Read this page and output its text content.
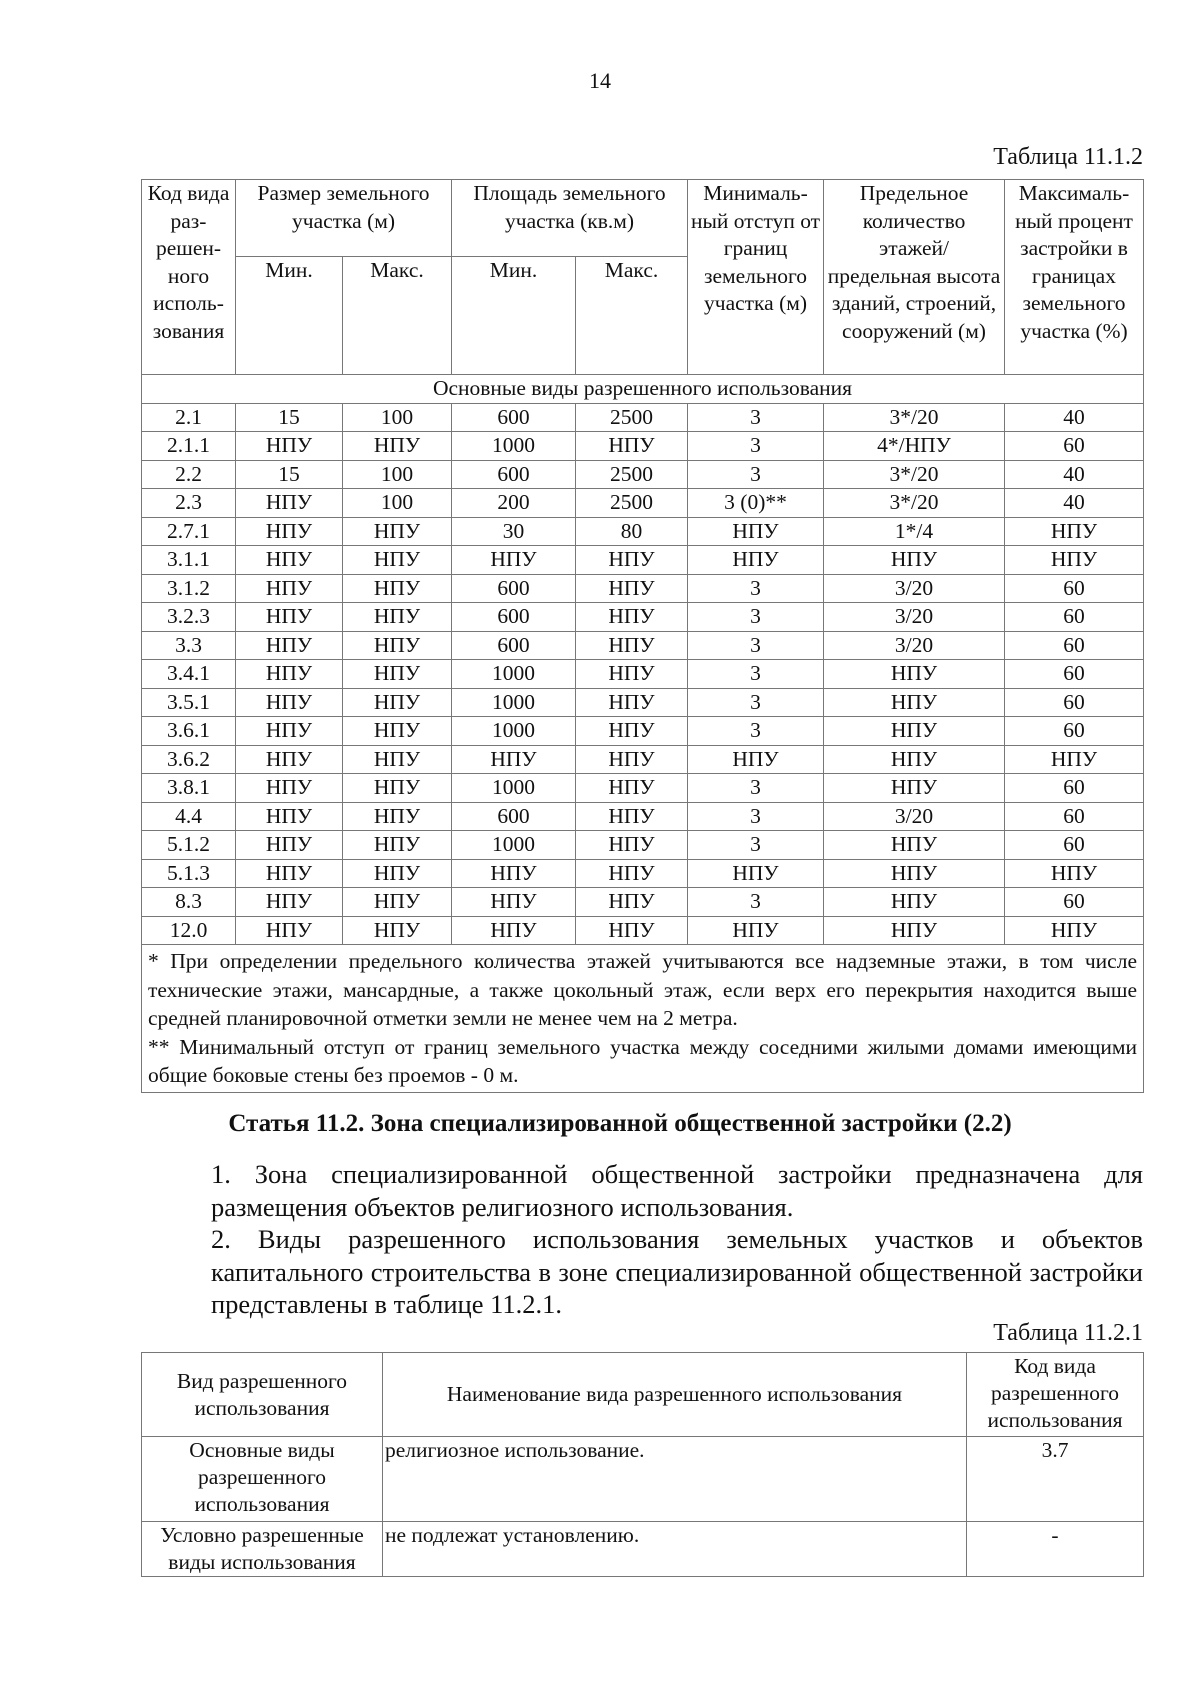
14
Таблица 11.1.2
Код вида раз-решен-ного исполь-зования	Размер земельного участка (м)		Площадь земельного участка (кв.м)		Минималь-ный отступ от границ земельного участка (м)	Предельное количество этажей/ предельная высота зданий, строений, сооружений (м)	Максималь-ный процент застройки в границах земельного участка (%)
	Мин.	Макс.	Мин.	Макс.			
Основные виды разрешенного использования							
2.1	15	100	600	2500	3	3*/20	40
2.1.1	НПУ	НПУ	1000	НПУ	3	4*/НПУ	60
2.2	15	100	600	2500	3	3*/20	40
2.3	НПУ	100	200	2500	3 (0)**	3*/20	40
2.7.1	НПУ	НПУ	30	80	НПУ	1*/4	НПУ
3.1.1	НПУ	НПУ	НПУ	НПУ	НПУ	НПУ	НПУ
3.1.2	НПУ	НПУ	600	НПУ	3	3/20	60
3.2.3	НПУ	НПУ	600	НПУ	3	3/20	60
3.3	НПУ	НПУ	600	НПУ	3	3/20	60
3.4.1	НПУ	НПУ	1000	НПУ	3	НПУ	60
3.5.1	НПУ	НПУ	1000	НПУ	3	НПУ	60
3.6.1	НПУ	НПУ	1000	НПУ	3	НПУ	60
3.6.2	НПУ	НПУ	НПУ	НПУ	НПУ	НПУ	НПУ
3.8.1	НПУ	НПУ	1000	НПУ	3	НПУ	60
4.4	НПУ	НПУ	600	НПУ	3	3/20	60
5.1.2	НПУ	НПУ	1000	НПУ	3	НПУ	60
5.1.3	НПУ	НПУ	НПУ	НПУ	НПУ	НПУ	НПУ
8.3	НПУ	НПУ	НПУ	НПУ	3	НПУ	60
12.0	НПУ	НПУ	НПУ	НПУ	НПУ	НПУ	НПУ

* При определении предельного количества этажей учитываются все надземные этажи, в том числе технические этажи, мансардные, а также цокольный этаж, если верх его перекрытия находится выше средней планировочной отметки земли не менее чем на 2 метра.
** Минимальный отступ от границ земельного участка между соседними жилыми домами имеющими общие боковые стены без проемов - 0 м.							
Статья 11.2. Зона специализированной общественной застройки (2.2)
1. Зона специализированной общественной застройки предназначена для размещения объектов религиозного использования.
2. Виды разрешенного использования земельных участков и объектов капитального строительства в зоне специализированной общественной застройки представлены в таблице 11.2.1.
Таблица 11.2.1
Вид разрешенного использования	Наименование вида разрешенного использования	Код вида разрешенного использования
Основные виды разрешенного использования	религиозное использование.	3.7
Условно разрешенные виды использования	не подлежат установлению.	-
